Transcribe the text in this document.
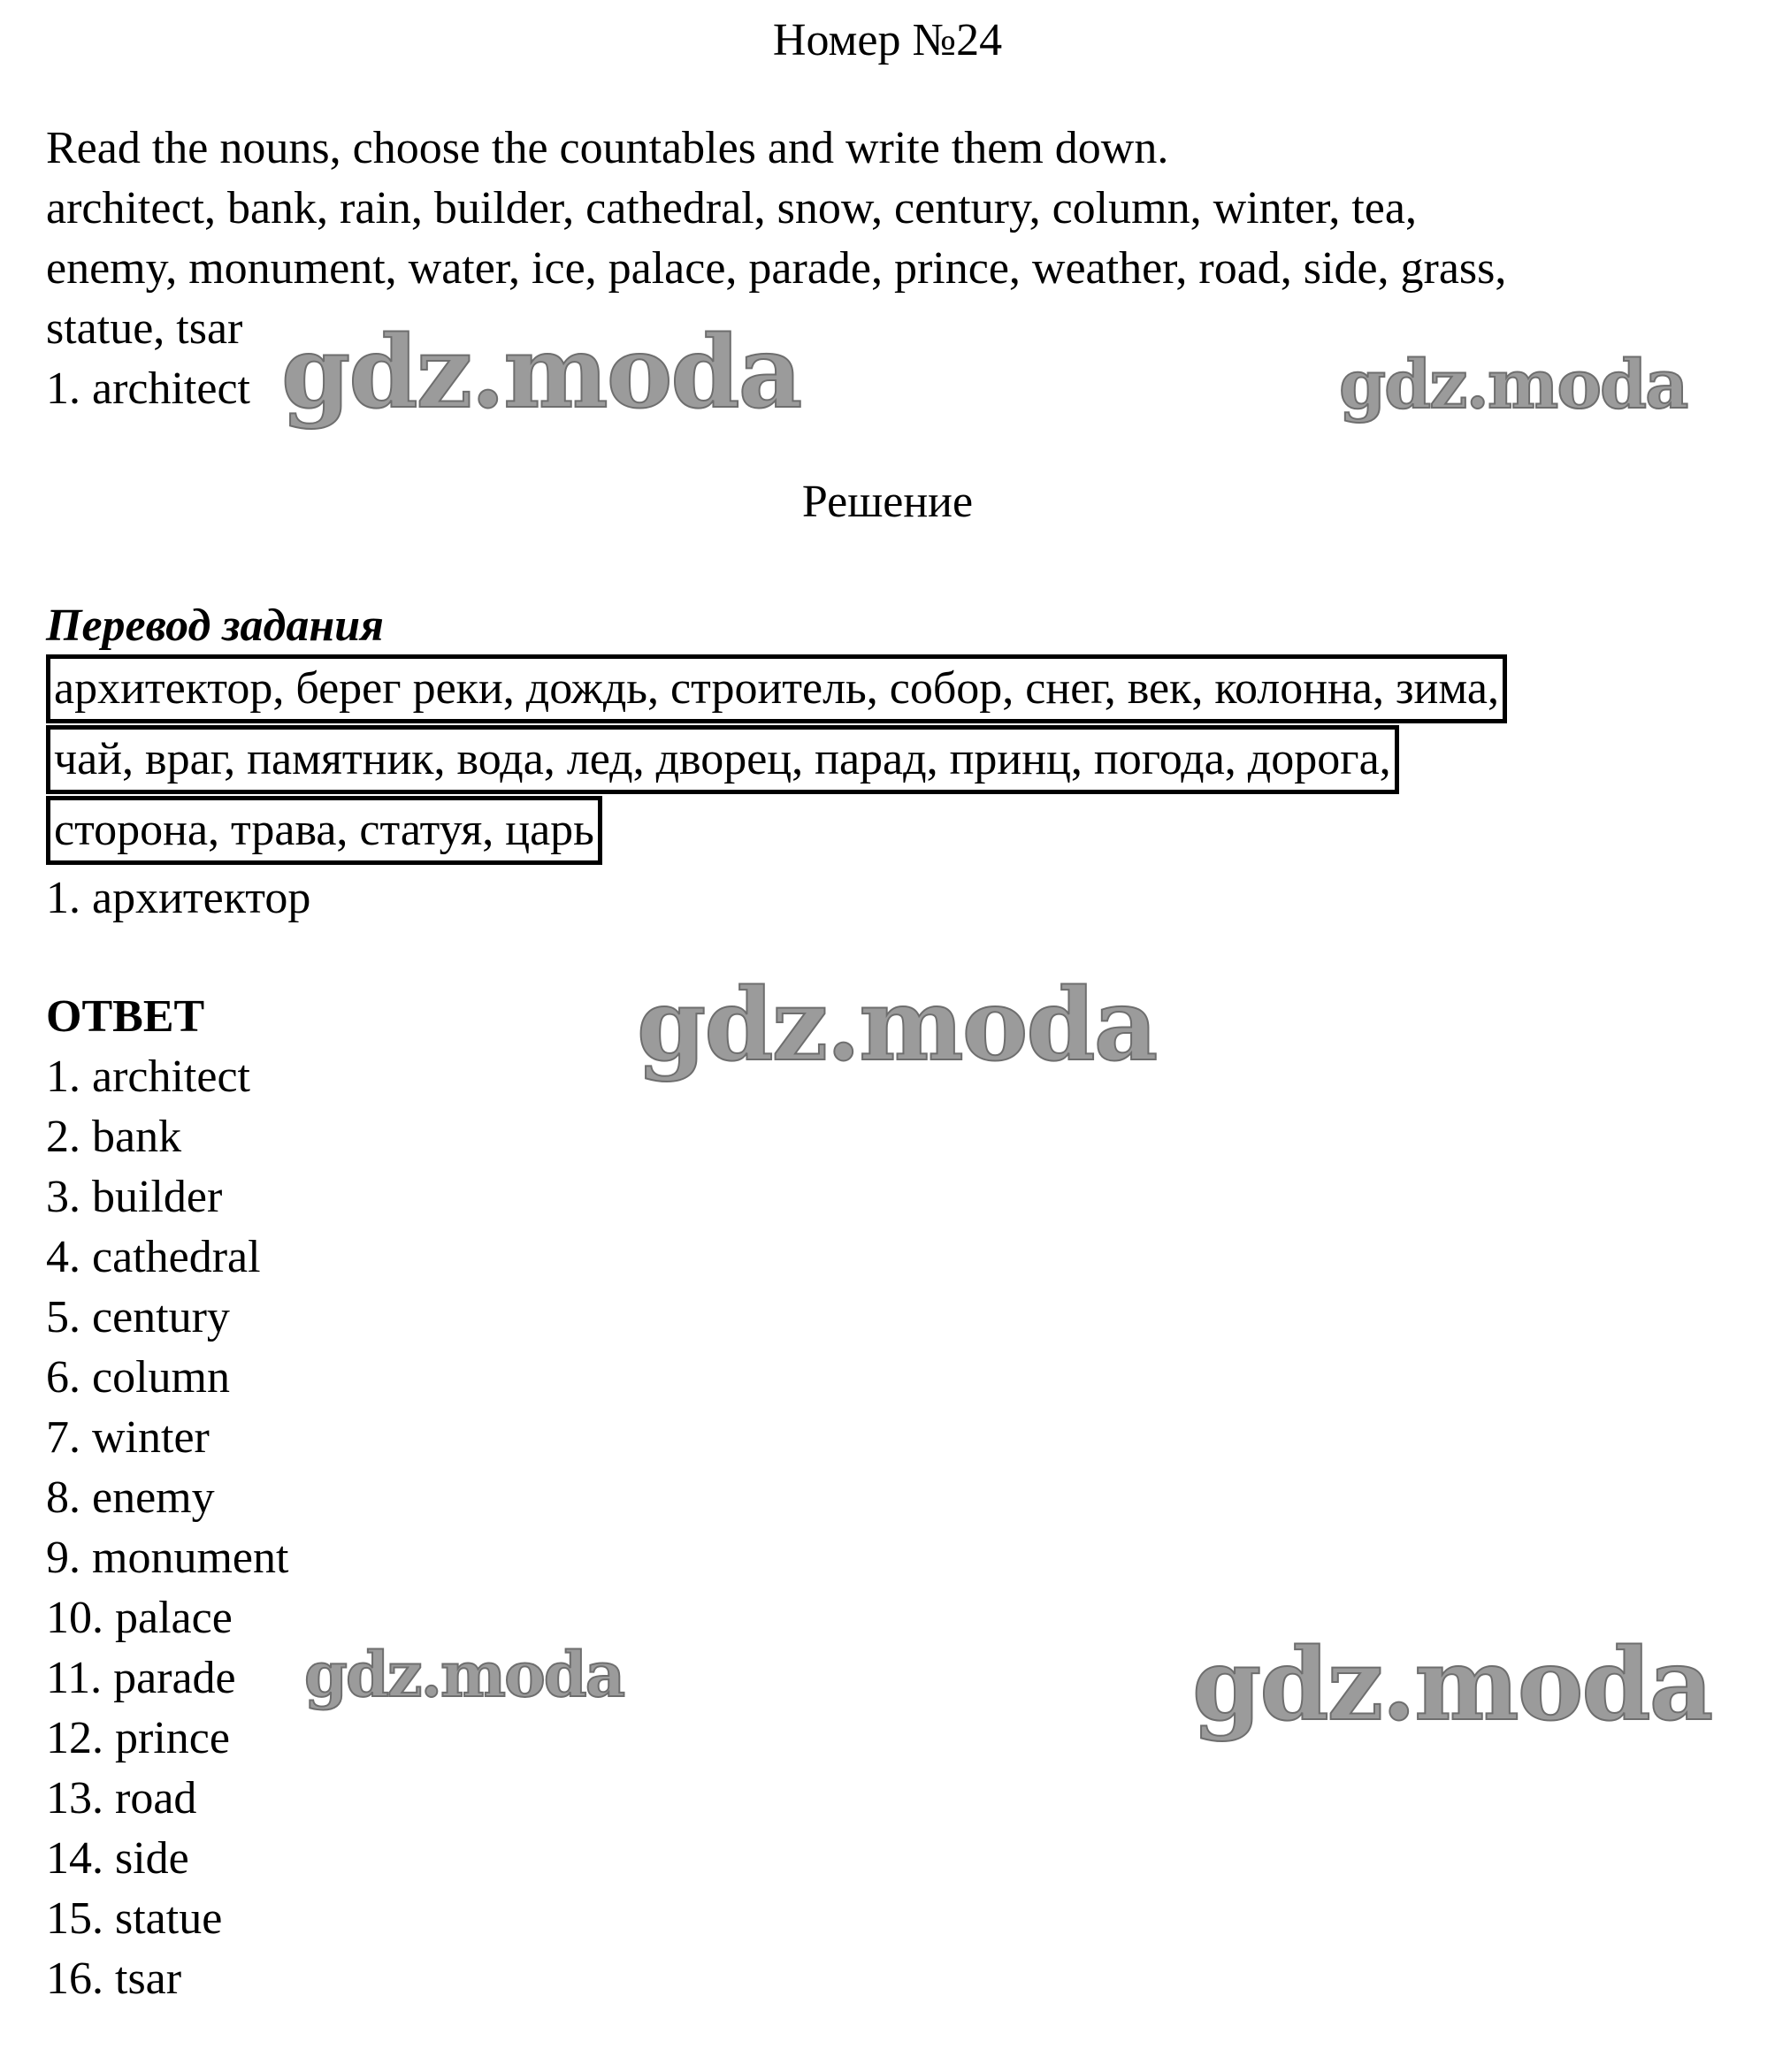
Номер №24
Read the nouns, choose the countables and write them down.
architect, bank, rain, builder, cathedral, snow, century, column, winter, tea,
enemy, monument, water, ice, palace, parade, prince, weather, road, side, grass,
statue, tsar
1. architect
Решение
Перевод задания
архитектор, берег реки, дождь, строитель, собор, снег, век, колонна, зима,
чай, враг, памятник, вода, лед, дворец, парад, принц, погода, дорога,
сторона, трава, статуя, царь
1. архитектор
ОТВЕТ
1. architect
2. bank
3. builder
4. cathedral
5. century
6. column
7. winter
8. enemy
9. monument
10. palace
11. parade
12. prince
13. road
14. side
15. statue
16. tsar
gdz.moda	gdz.moda
gdz.moda
gdz.moda	gdz.moda
